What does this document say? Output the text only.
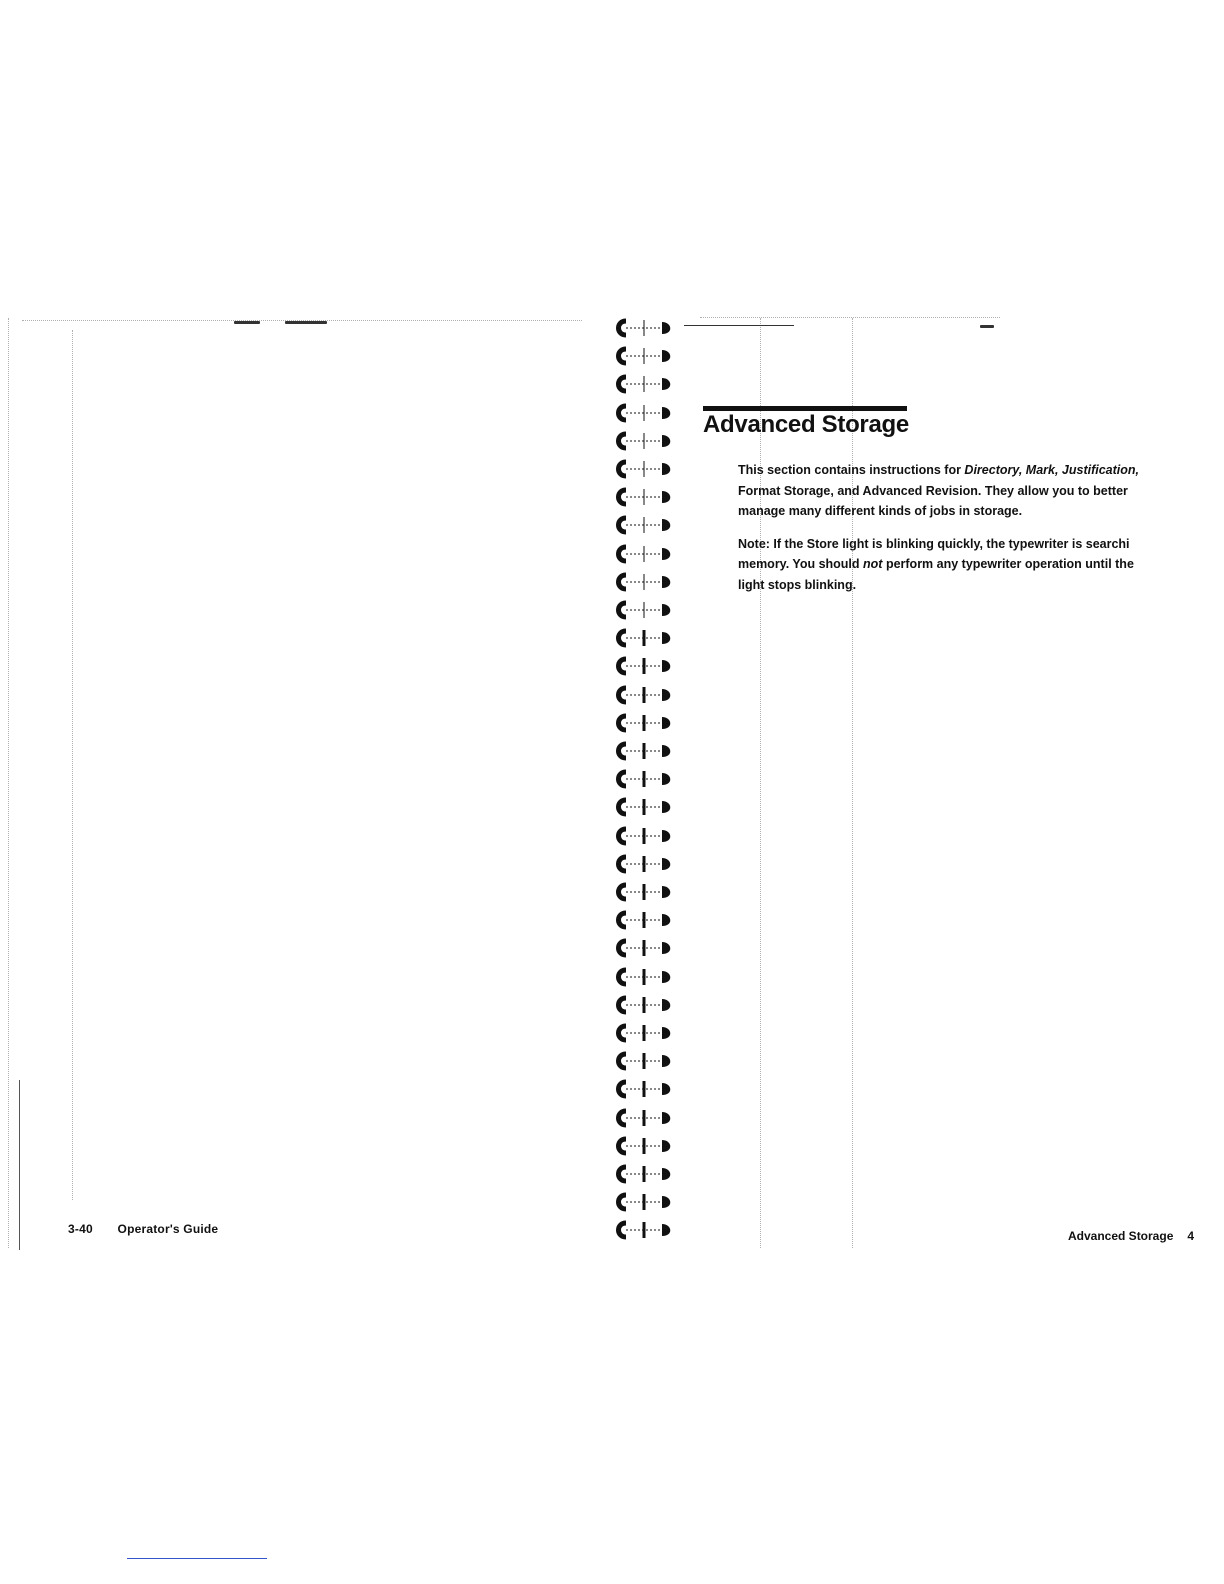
3-40 Operator's Guide
Advanced Storage

This section contains instructions for Directory, Mark, Justification,
Format Storage, and Advanced Revision. They allow you to better
manage many different kinds of jobs in storage.

Note: If the Store light is blinking quickly, the typewriter is searchi
memory. You should not perform any typewriter operation until the
light stops blinking.

Advanced Storage 4
